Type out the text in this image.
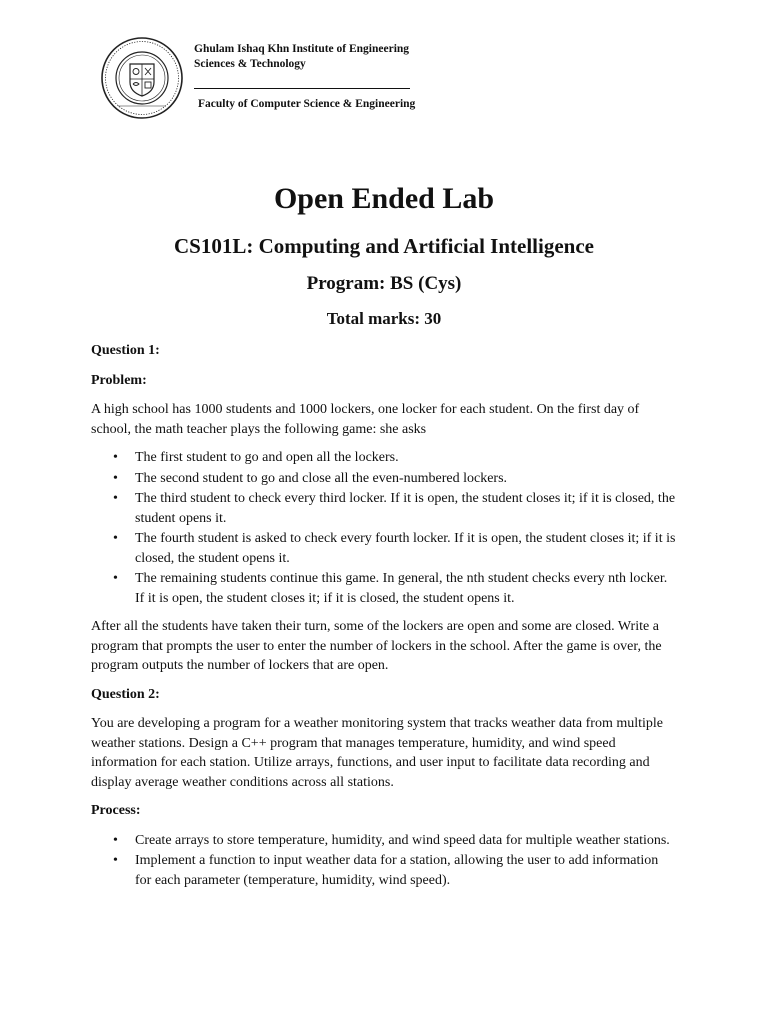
Ghulam Ishaq Khn Institute of Engineering
Sciences & Technology
Faculty of Computer Science & Engineering
Open Ended Lab
CS101L: Computing and Artificial Intelligence
Program: BS (Cys)
Total marks: 30
Question 1:
Problem:
A high school has 1000 students and 1000 lockers, one locker for each student. On the first day of school, the math teacher plays the following game: she asks
• The first student to go and open all the lockers.
• The second student to go and close all the even-numbered lockers.
• The third student to check every third locker. If it is open, the student closes it; if it is closed, the student opens it.
• The fourth student is asked to check every fourth locker. If it is open, the student closes it; if it is closed, the student opens it.
• The remaining students continue this game. In general, the nth student checks every nth locker. If it is open, the student closes it; if it is closed, the student opens it.
After all the students have taken their turn, some of the lockers are open and some are closed. Write a program that prompts the user to enter the number of lockers in the school. After the game is over, the program outputs the number of lockers that are open.
Question 2:
You are developing a program for a weather monitoring system that tracks weather data from multiple weather stations. Design a C++ program that manages temperature, humidity, and wind speed information for each station. Utilize arrays, functions, and user input to facilitate data recording and display average weather conditions across all stations.
Process:
• Create arrays to store temperature, humidity, and wind speed data for multiple weather stations.
• Implement a function to input weather data for a station, allowing the user to add information for each parameter (temperature, humidity, wind speed).
